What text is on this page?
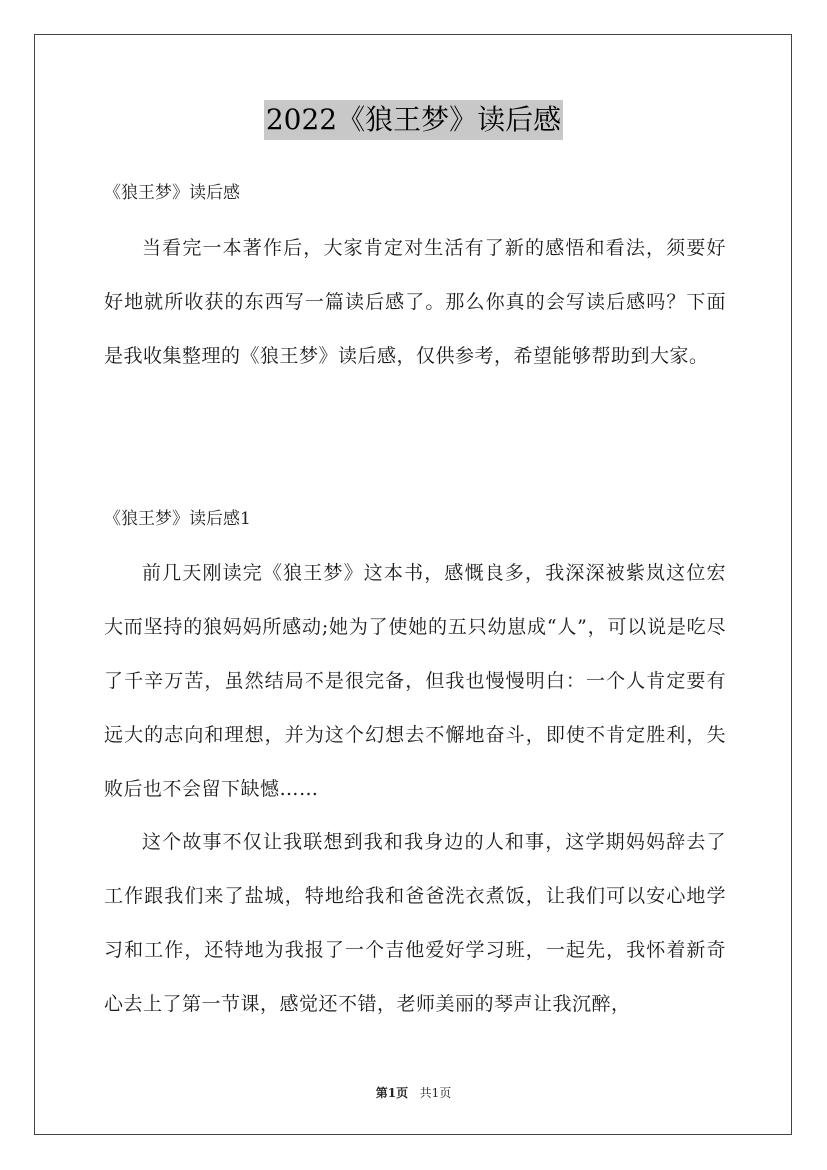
2022《狼王梦》读后感
《狼王梦》读后感

当看完一本著作后，大家肯定对生活有了新的感悟和看法，须要好好地就所收获的东西写一篇读后感了。那么你真的会写读后感吗？下面是我收集整理的《狼王梦》读后感，仅供参考，希望能够帮助到大家。

《狼王梦》读后感1

前几天刚读完《狼王梦》这本书，感慨良多，我深深被紫岚这位宏大而坚持的狼妈妈所感动;她为了使她的五只幼崽成“人”，可以说是吃尽了千辛万苦，虽然结局不是很完备，但我也慢慢明白：一个人肯定要有远大的志向和理想，并为这个幻想去不懈地奋斗，即使不肯定胜利，失败后也不会留下缺憾……

这个故事不仅让我联想到我和我身边的人和事，这学期妈妈辞去了工作跟我们来了盐城，特地给我和爸爸洗衣煮饭，让我们可以安心地学习和工作，还特地为我报了一个吉他爱好学习班，一起先，我怀着新奇心去上了第一节课，感觉还不错，老师美丽的琴声让我沉醉，

第1页 共1页
